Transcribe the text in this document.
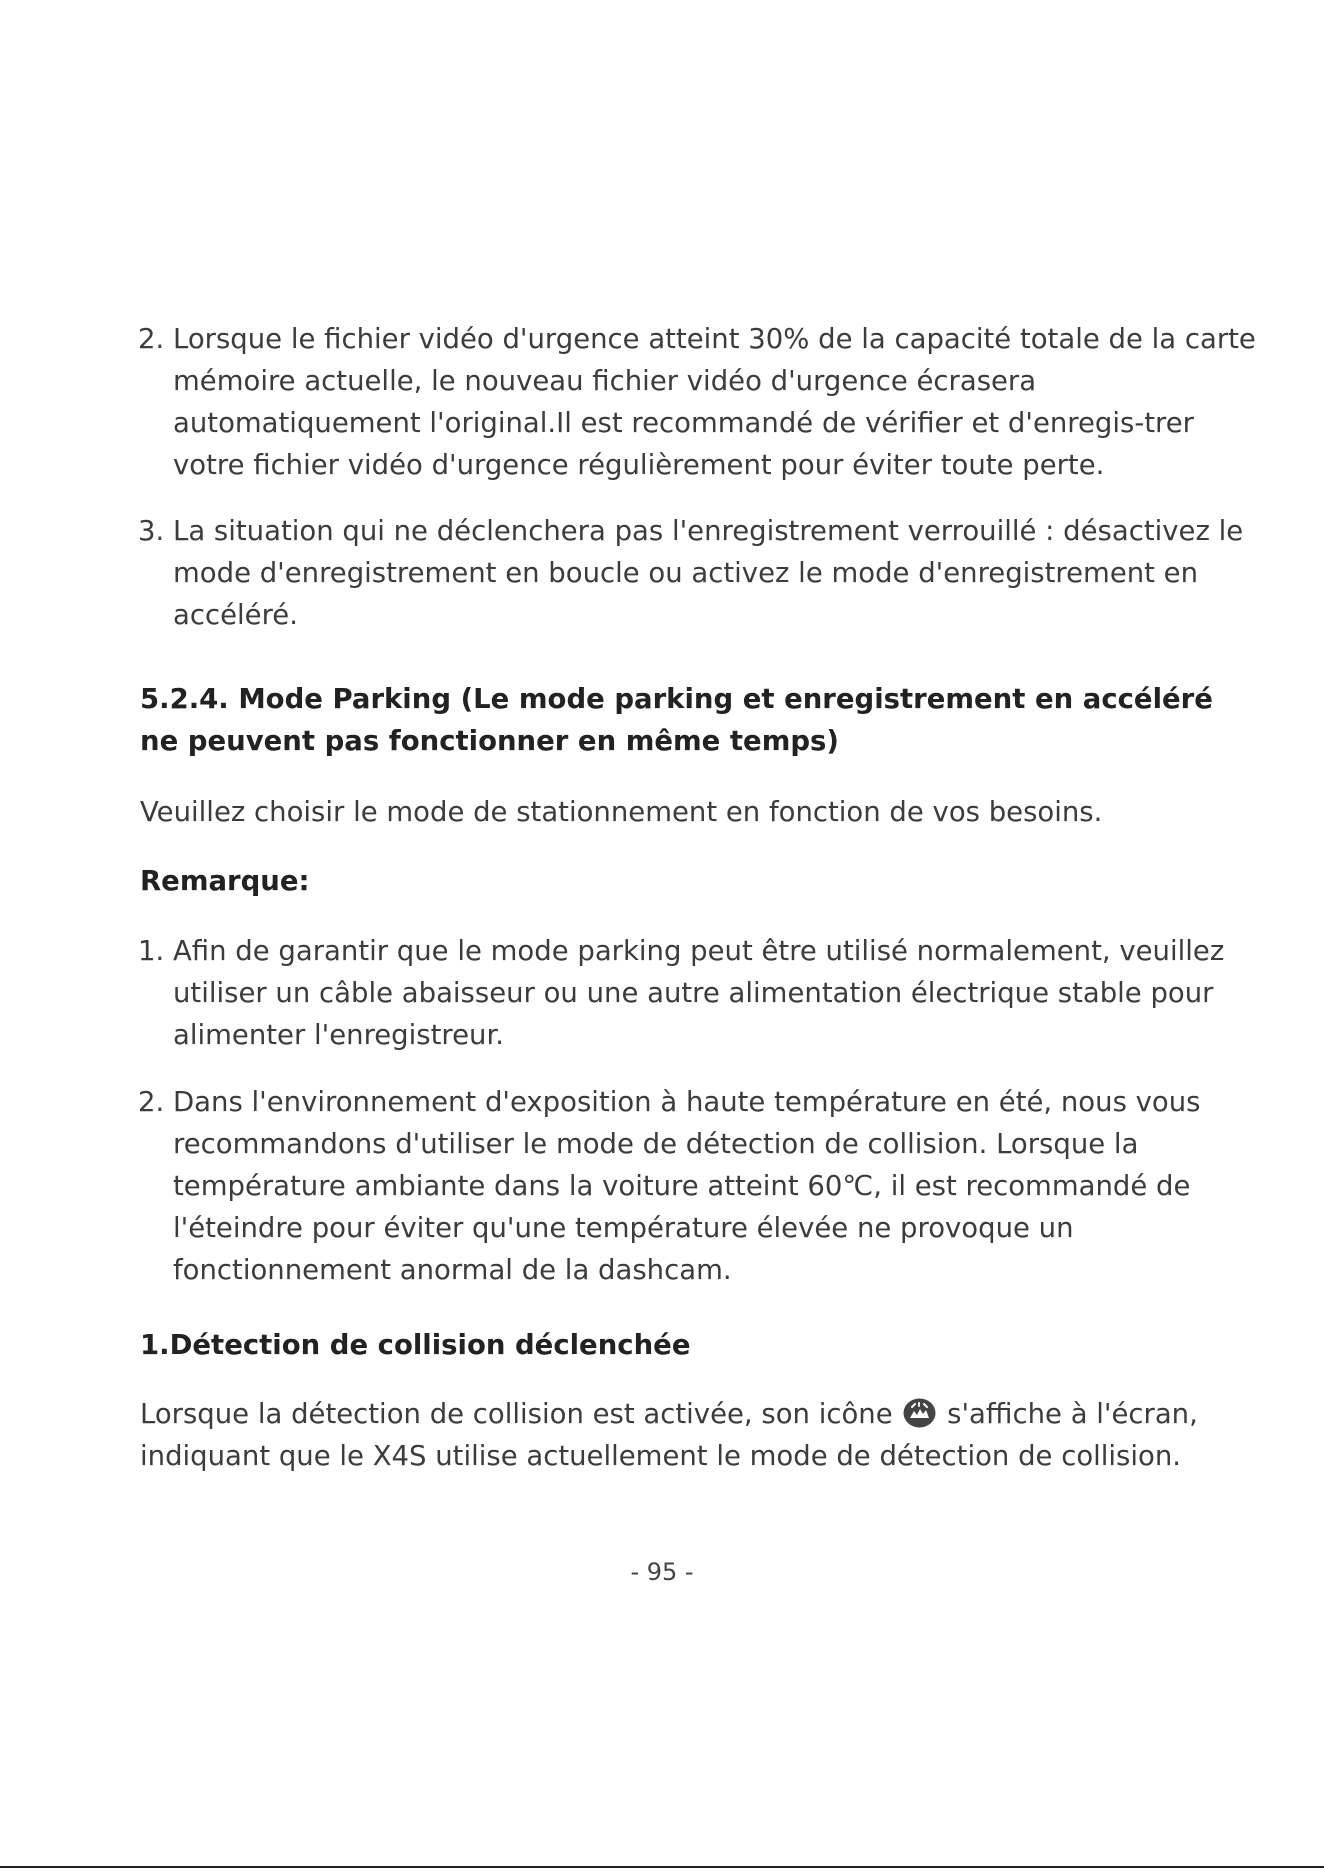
2. Lorsque le fichier vidéo d'urgence atteint 30% de la capacité totale de la carte mémoire actuelle, le nouveau fichier vidéo d'urgence écrasera automatiquement l'original.Il est recommandé de vérifier et d'enregis-trer votre fichier vidéo d'urgence régulièrement pour éviter toute perte.
3. La situation qui ne déclenchera pas l'enregistrement verrouillé : désactivez le mode d'enregistrement en boucle ou activez le mode d'enregistrement en accéléré.
5.2.4. Mode Parking (Le mode parking et enregistrement en accéléré ne peuvent pas fonctionner en même temps)
Veuillez choisir le mode de stationnement en fonction de vos besoins.
Remarque:
1. Afin de garantir que le mode parking peut être utilisé normalement, veuillez utiliser un câble abaisseur ou une autre alimentation électrique stable pour alimenter l'enregistreur.
2. Dans l'environnement d'exposition à haute température en été, nous vous recommandons d'utiliser le mode de détection de collision. Lorsque la température ambiante dans la voiture atteint 60℃, il est recommandé de l'éteindre pour éviter qu'une température élevée ne provoque un fonctionnement anormal de la dashcam.
1.Détection de collision déclenchée
Lorsque la détection de collision est activée, son icône s'affiche à l'écran, indiquant que le X4S utilise actuellement le mode de détection de collision.
- 95 -
